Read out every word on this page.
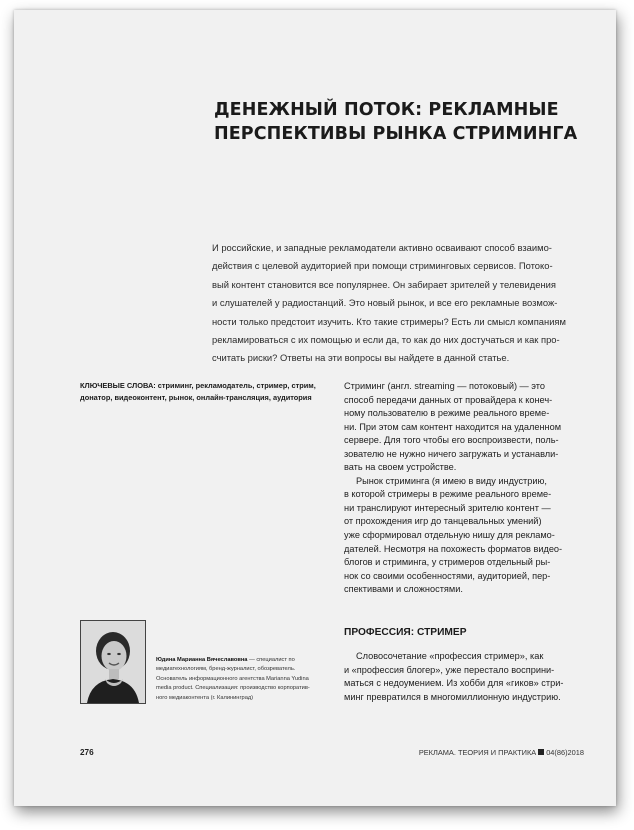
ДЕНЕЖНЫЙ ПОТОК: РЕКЛАМНЫЕ
ПЕРСПЕКТИВЫ РЫНКА СТРИМИНГА

И российские, и западные рекламодатели активно осваивают способ взаимо-
действия с целевой аудиторией при помощи стриминговых сервисов. Потоко-
вый контент становится все популярнее. Он забирает зрителей у телевидения
и слушателей у радиостанций. Это новый рынок, и все его рекламные возмож-
ности только предстоит изучить. Кто такие стримеры? Есть ли смысл компаниям
рекламироваться с их помощью и если да, то как до них достучаться и как про-
считать риски? Ответы на эти вопросы вы найдете в данной статье.

КЛЮЧЕВЫЕ СЛОВА: стриминг, рекламодатель, стример, стрим,
донатор, видеоконтент, рынок, онлайн-трансляция, аудитория

Стриминг (англ. streaming — потоковый) — это
способ передачи данных от провайдера к конеч-
ному пользователю в режиме реального време-
ни. При этом сам контент находится на удаленном
сервере. Для того чтобы его воспроизвести, поль-
зователю не нужно ничего загружать и устанавли-
вать на своем устройстве.
Рынок стриминга (я имею в виду индустрию,
в которой стримеры в режиме реального време-
ни транслируют интересный зрителю контент —
от прохождения игр до танцевальных умений)
уже сформировал отдельную нишу для рекламо-
дателей. Несмотря на похожесть форматов видео-
блогов и стриминга, у стримеров отдельный ры-
нок со своими особенностями, аудиторией, пер-
спективами и сложностями.
ПРОФЕССИЯ: СТРИМЕР
Словосочетание «профессия стример», как
и «профессия блогер», уже перестало восприни-
маться с недоумением. Из хобби для «гиков» стри-
минг превратился в многомиллионную индустрию.

Юдина Марианна Вячеславовна — специалист по
медиатехнологиям, бренд-журналист, обозреватель.
Основатель информационного агентства Marianna Yudina
media product. Специализация: производство корпоратив-
ного медиаконтента (г. Калининград)

276	РЕКЛАМА. ТЕОРИЯ И ПРАКТИКА 04(86)2018
